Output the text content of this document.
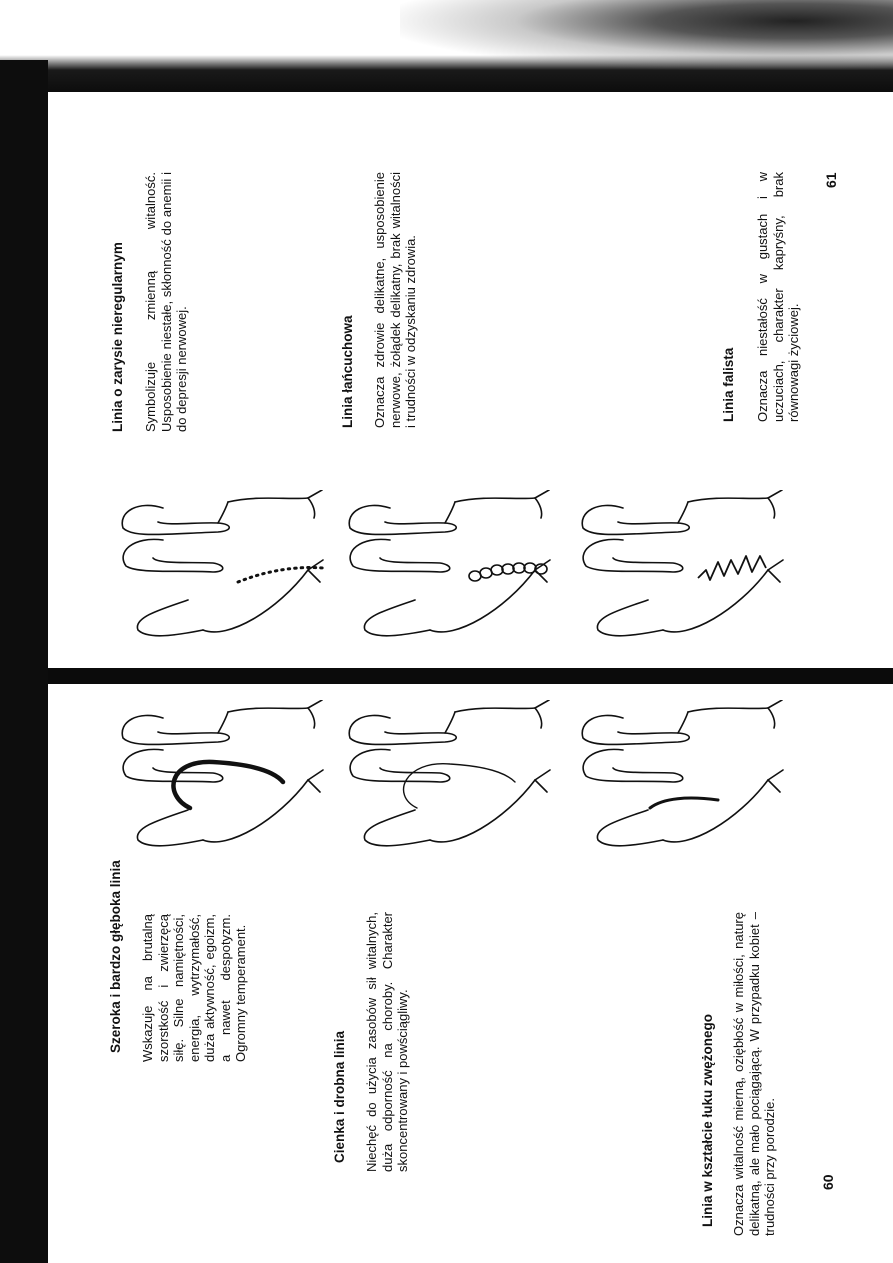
Szeroka i bardzo głęboka linia Wskazuje na brutalną szorstkość i zwierzęcą siłę. Silne namiętności, energia, wytrzymałość, duża aktywność, egoizm, a nawet despotyzm. Ogromny temperament.
Cienka i drobna linia Niechęć do użycia zasobów sił witalnych, duża odporność na choroby. Charakter skoncentrowany i powściągliwy.	Linia w kształcie łuku zwężonego Oznacza witalność mierną, oziębłość w miłości, naturę delikatną, ale mało pociągającą. W przypadku kobiet – trudności przy porodzie.	60
Linia o zarysie nieregularnym Symbolizuje zmienną witalność. Usposobienie niestałe, skłonność do anemii i do depresji nerwowej.	Linia łańcuchowa Oznacza zdrowie delikatne, usposobienie nerwowe, żołądek delikatny, brak witalności i trudności w odzyskaniu zdrowia.	Linia falista Oznacza niestałość w gustach i w uczuciach, charakter kapryśny, brak równowagi życiowej.
61
